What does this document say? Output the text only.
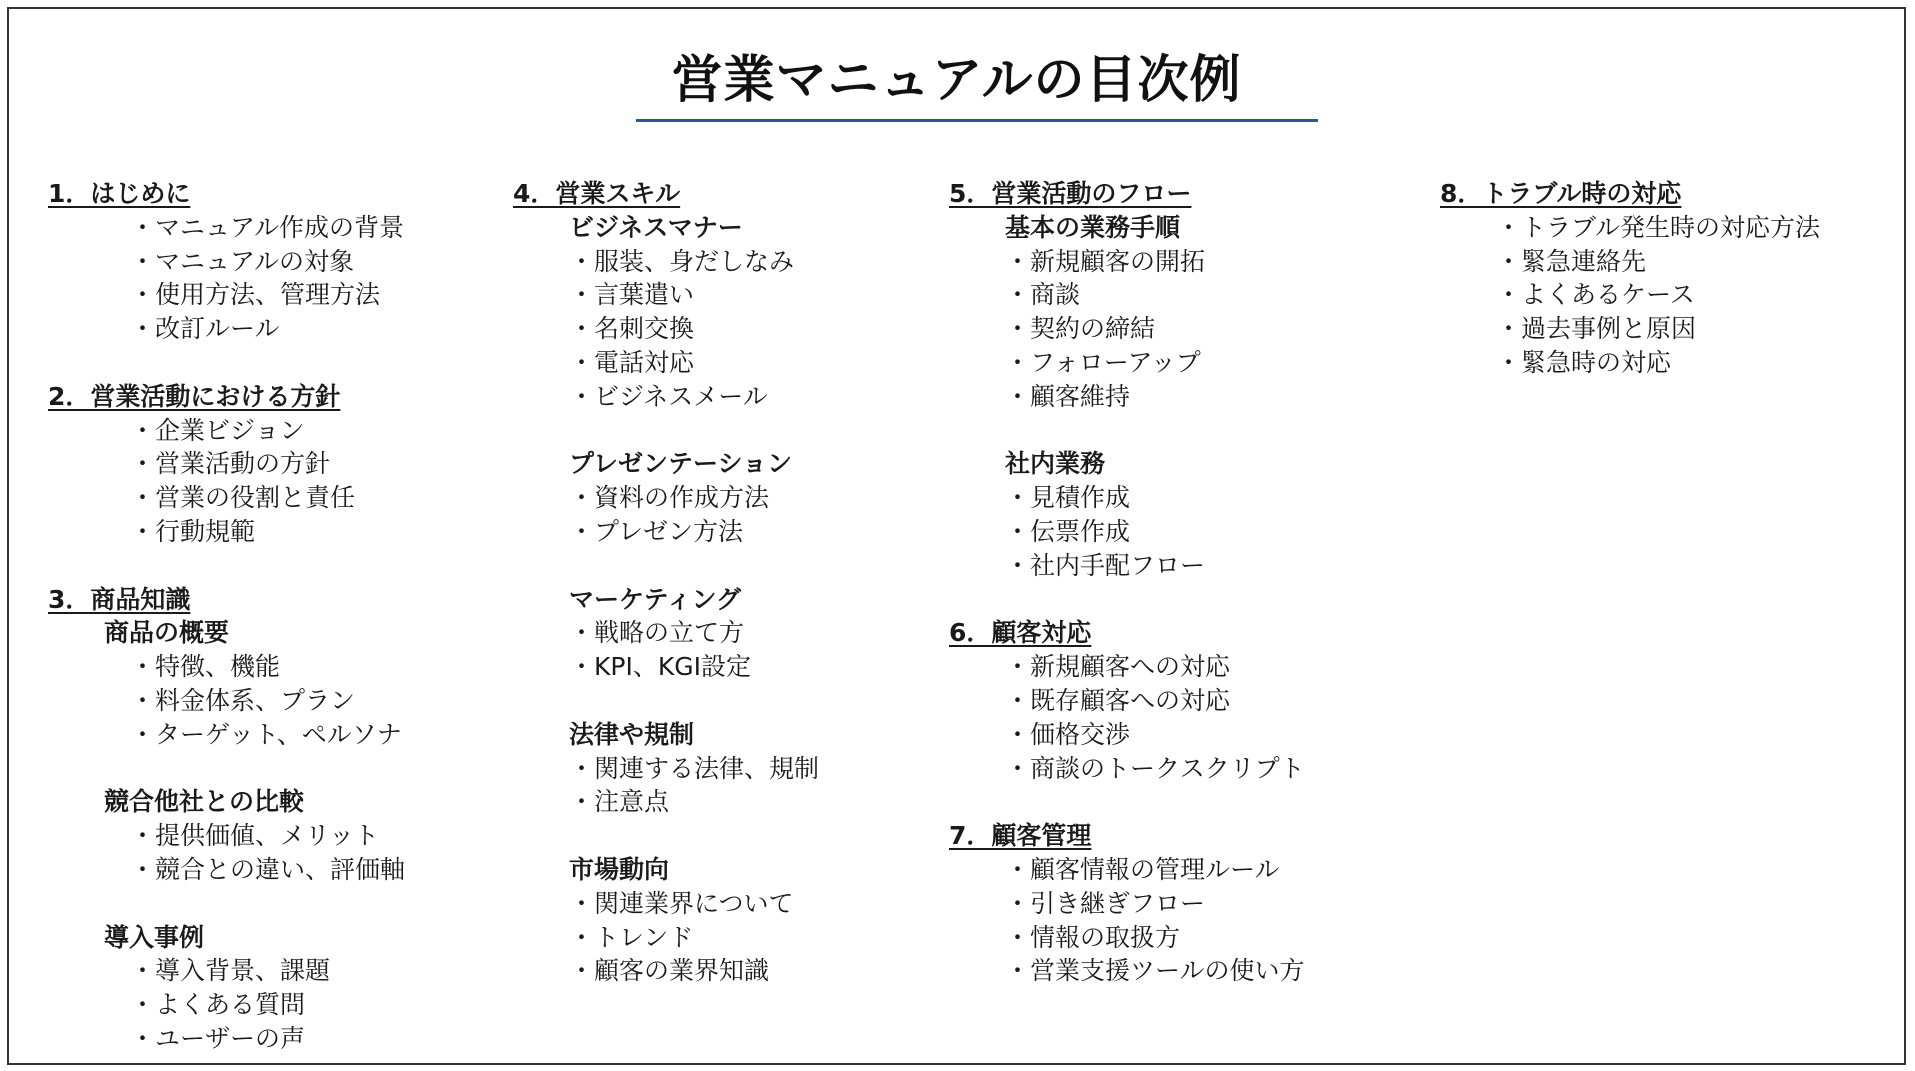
営業マニュアルの目次例
1．はじめに
・マニュアル作成の背景
・マニュアルの対象
・使用方法、管理方法
・改訂ルール
2．営業活動における方針
・企業ビジョン
・営業活動の方針
・営業の役割と責任
・行動規範
3．商品知識
商品の概要
・特徴、機能
・料金体系、プラン
・ターゲット、ペルソナ
競合他社との比較
・提供価値、メリット
・競合との違い、評価軸
導入事例
・導入背景、課題
・よくある質問
・ユーザーの声
4．営業スキル
ビジネスマナー
・服装、身だしなみ
・言葉遣い
・名刺交換
・電話対応
・ビジネスメール
プレゼンテーション
・資料の作成方法
・プレゼン方法
マーケティング
・戦略の立て方
・KPI、KGI設定
法律や規制
・関連する法律、規制
・注意点
市場動向
・関連業界について
・トレンド
・顧客の業界知識
5．営業活動のフロー
基本の業務手順
・新規顧客の開拓
・商談
・契約の締結
・フォローアップ
・顧客維持
社内業務
・見積作成
・伝票作成
・社内手配フロー
6．顧客対応
・新規顧客への対応
・既存顧客への対応
・価格交渉
・商談のトークスクリプト
7．顧客管理
・顧客情報の管理ルール
・引き継ぎフロー
・情報の取扱方
・営業支援ツールの使い方
8．トラブル時の対応
・トラブル発生時の対応方法
・緊急連絡先
・よくあるケース
・過去事例と原因
・緊急時の対応
